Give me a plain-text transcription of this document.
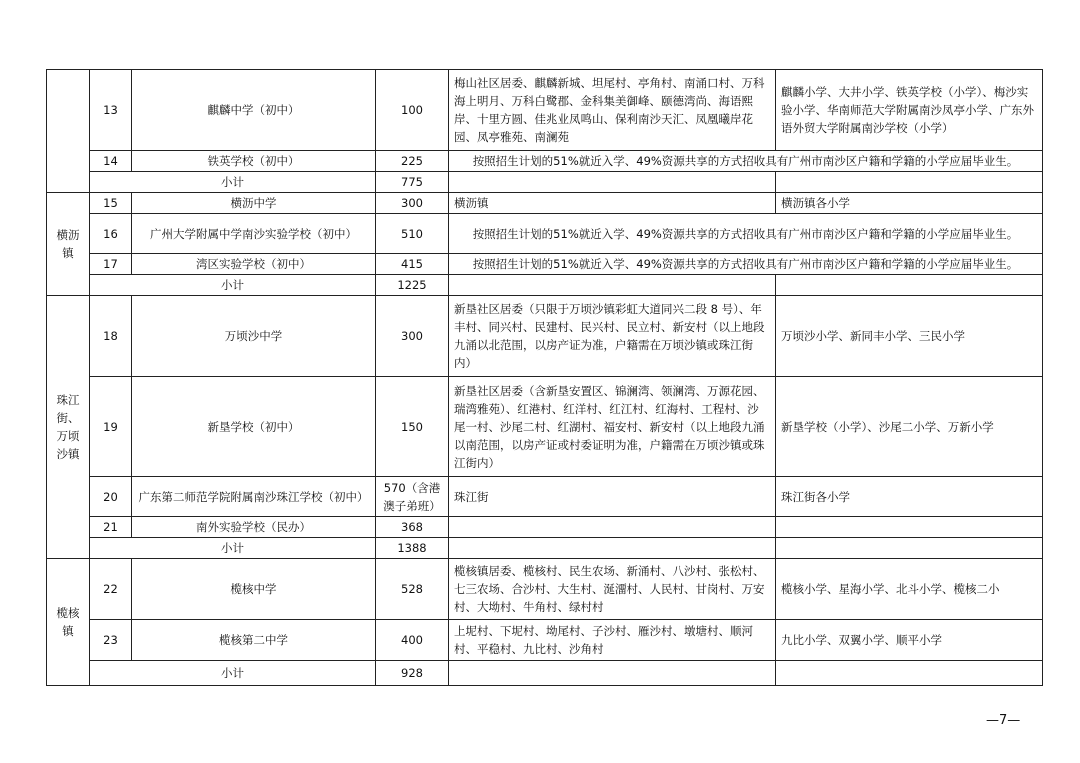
	13	麒麟中学（初中）	100	梅山社区居委、麒麟新城、坦尾村、亭角村、南涌口村、万科海上明月、万科白鹭郡、金科集美御峰、颐德湾尚、海语熙岸、十里方圆、佳兆业凤鸣山、保利南沙天汇、凤凰曦岸花园、凤亭雅苑、南澜苑	麒麟小学、大井小学、铁英学校（小学）、梅沙实验小学、华南师范大学附属南沙凤亭小学、广东外语外贸大学附属南沙学校（小学）
	14	铁英学校（初中）	225	按照招生计划的51%就近入学、49%资源共享的方式招收具有广州市南沙区户籍和学籍的小学应届毕业生。	
	小计		775		
横沥镇	15	横沥中学	300	横沥镇	横沥镇各小学
	16	广州大学附属中学南沙实验学校（初中）	510	按照招生计划的51%就近入学、49%资源共享的方式招收具有广州市南沙区户籍和学籍的小学应届毕业生。	
	17	湾区实验学校（初中）	415	按照招生计划的51%就近入学、49%资源共享的方式招收具有广州市南沙区户籍和学籍的小学应届毕业生。	
	小计		1225		
珠江街、万顷沙镇	18	万顷沙中学	300	新垦社区居委（只限于万顷沙镇彩虹大道同兴二段 8 号）、年丰村、同兴村、民建村、民兴村、民立村、新安村（以上地段九涌以北范围，以房产证为准，户籍需在万顷沙镇或珠江街内）	万顷沙小学、新同丰小学、三民小学
	19	新垦学校（初中）	150	新垦社区居委（含新垦安置区、锦澜湾、领澜湾、万源花园、瑞湾雅苑）、红港村、红洋村、红江村、红海村、工程村、沙尾一村、沙尾二村、红湖村、福安村、新安村（以上地段九涌以南范围，以房产证或村委证明为准，户籍需在万顷沙镇或珠江街内）	新垦学校（小学）、沙尾二小学、万新小学
	20	广东第二师范学院附属南沙珠江学校（初中）	570（含港澳子弟班）	珠江街	珠江街各小学
	21	南外实验学校（民办）	368		
	小计		1388		
榄核镇	22	榄核中学	528	榄核镇居委、榄核村、民生农场、新涌村、八沙村、张松村、七三农场、合沙村、大生村、涎澑村、人民村、甘岗村、万安村、大坳村、牛角村、绿村村	榄核小学、星海小学、北斗小学、榄核二小
	23	榄核第二中学	400	上坭村、下坭村、坳尾村、子沙村、雁沙村、墩塘村、顺河村、平稳村、九比村、沙角村	九比小学、双翼小学、顺平小学
	小计		928		
—7—
